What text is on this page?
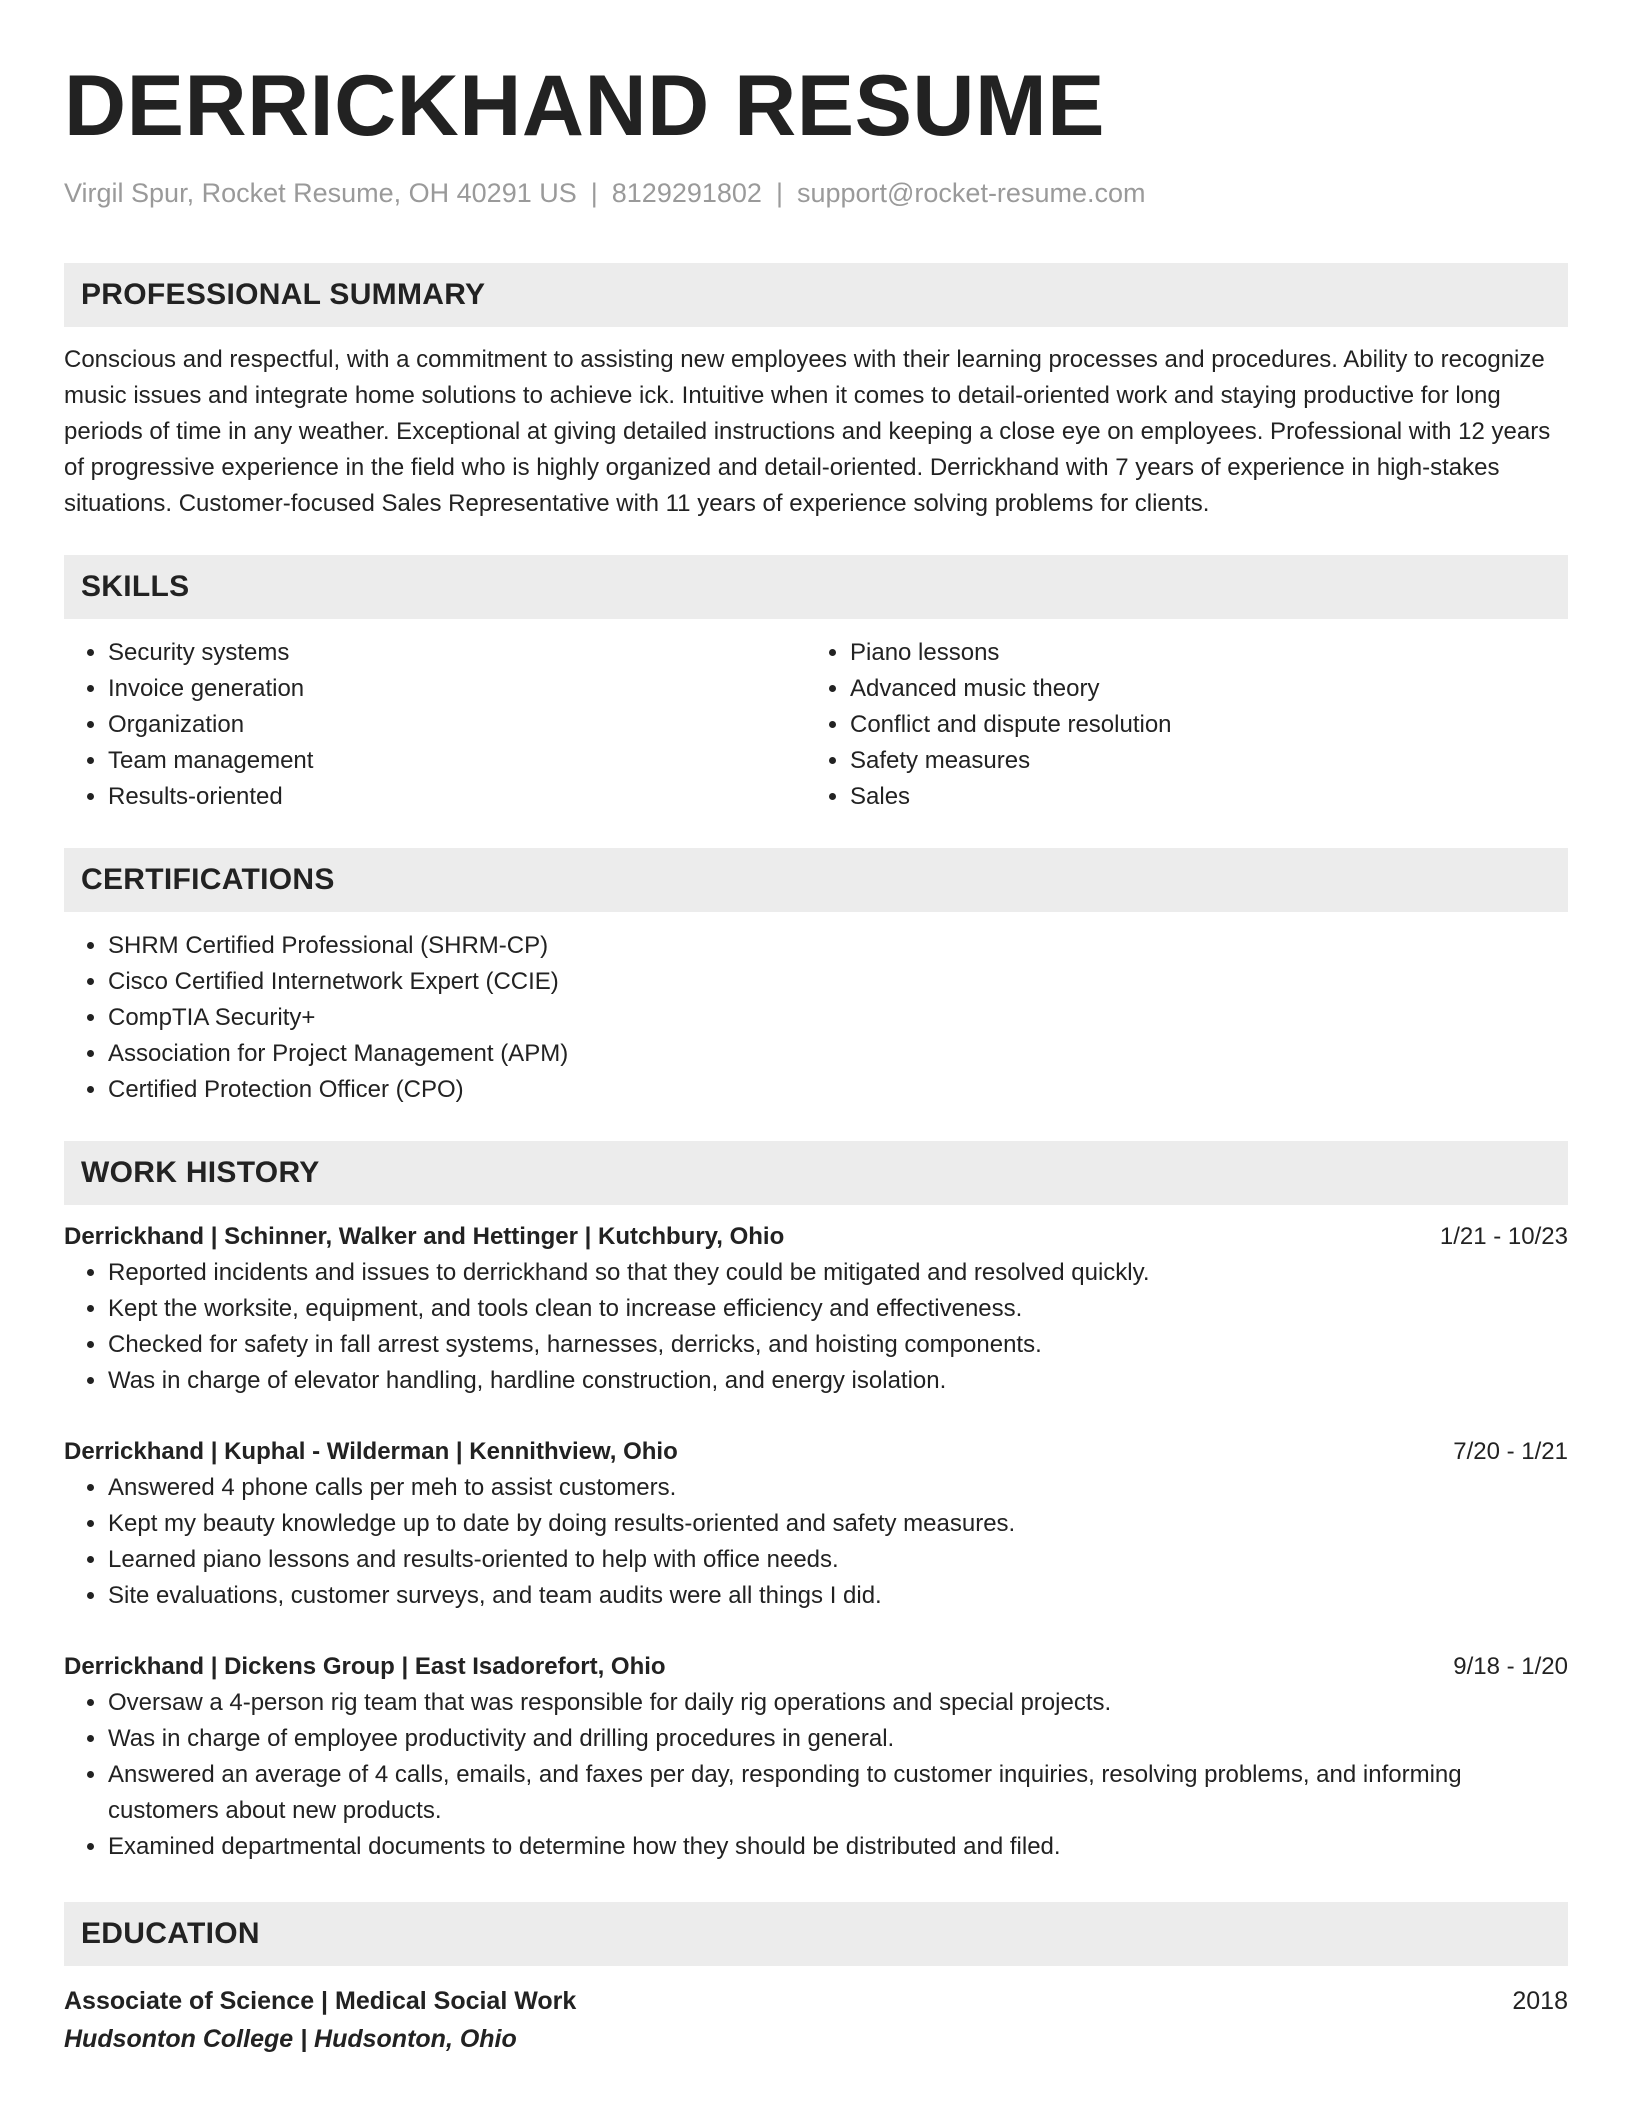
DERRICKHAND RESUME
Virgil Spur, Rocket Resume, OH 40291 US | 8129291802 | support@rocket-resume.com
PROFESSIONAL SUMMARY

Conscious and respectful, with a commitment to assisting new employees with their learning processes and procedures. Ability to recognize music issues and integrate home solutions to achieve ick. Intuitive when it comes to detail-oriented work and staying productive for long periods of time in any weather. Exceptional at giving detailed instructions and keeping a close eye on employees. Professional with 12 years of progressive experience in the field who is highly organized and detail-oriented. Derrickhand with 7 years of experience in high-stakes situations. Customer-focused Sales Representative with 11 years of experience solving problems for clients.

SKILLS
• Security systems
• Invoice generation
• Organization
• Team management
• Results-oriented
• Piano lessons
• Advanced music theory
• Conflict and dispute resolution
• Safety measures
• Sales
CERTIFICATIONS
• SHRM Certified Professional (SHRM-CP)
• Cisco Certified Internetwork Expert (CCIE)
• CompTIA Security+
• Association for Project Management (APM)
• Certified Protection Officer (CPO)
WORK HISTORY
Derrickhand | Schinner, Walker and Hettinger | Kutchbury, Ohio	1/21 - 10/23
• Reported incidents and issues to derrickhand so that they could be mitigated and resolved quickly.
• Kept the worksite, equipment, and tools clean to increase efficiency and effectiveness.
• Checked for safety in fall arrest systems, harnesses, derricks, and hoisting components.
• Was in charge of elevator handling, hardline construction, and energy isolation.
Derrickhand | Kuphal - Wilderman | Kennithview, Ohio	7/20 - 1/21
• Answered 4 phone calls per meh to assist customers.
• Kept my beauty knowledge up to date by doing results-oriented and safety measures.
• Learned piano lessons and results-oriented to help with office needs.
• Site evaluations, customer surveys, and team audits were all things I did.
Derrickhand | Dickens Group | East Isadorefort, Ohio	9/18 - 1/20
• Oversaw a 4-person rig team that was responsible for daily rig operations and special projects.
• Was in charge of employee productivity and drilling procedures in general.
• Answered an average of 4 calls, emails, and faxes per day, responding to customer inquiries, resolving problems, and informing customers about new products.
• Examined departmental documents to determine how they should be distributed and filed.
EDUCATION
Associate of Science | Medical Social Work	2018
Hudsonton College | Hudsonton, Ohio
